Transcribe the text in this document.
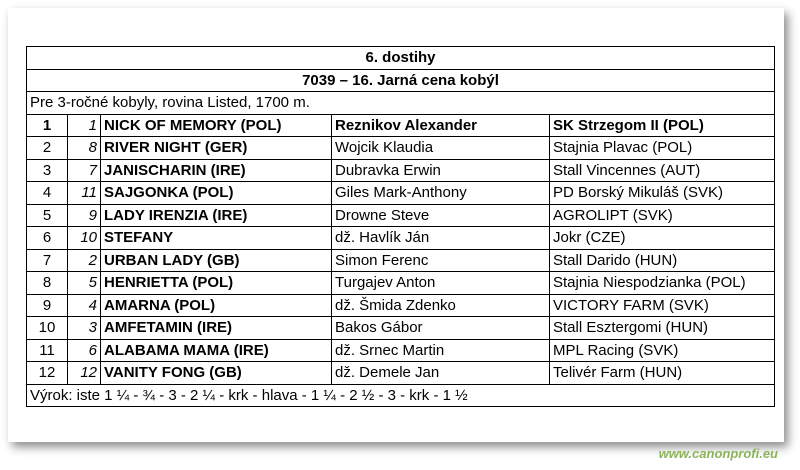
6. dostihy				
7039 – 16. Jarná cena kobýl				
Pre 3-ročné kobyly, rovina Listed, 1700 m.				
1	1	NICK OF MEMORY (POL)	Reznikov Alexander	SK Strzegom II (POL)
2	8	RIVER NIGHT (GER)	Wojcik Klaudia	Stajnia Plavac (POL)
3	7	JANISCHARIN (IRE)	Dubravka Erwin	Stall Vincennes (AUT)
4	11	SAJGONKA (POL)	Giles Mark-Anthony	PD Borský Mikuláš (SVK)
5	9	LADY IRENZIA (IRE)	Drowne Steve	AGROLIPT (SVK)
6	10	STEFANY	dž. Havlík Ján	Jokr (CZE)
7	2	URBAN LADY (GB)	Simon Ferenc	Stall Darido (HUN)
8	5	HENRIETTA (POL)	Turgajev Anton	Stajnia Niespodzianka (POL)
9	4	AMARNA (POL)	dž. Šmida Zdenko	VICTORY FARM (SVK)
10	3	AMFETAMIN (IRE)	Bakos Gábor	Stall Esztergomi (HUN)
11	6	ALABAMA MAMA (IRE)	dž. Srnec Martin	MPL Racing (SVK)
12	12	VANITY FONG (GB)	dž. Demele Jan	Telivér Farm (HUN)
Výrok: iste 1 ¼ - ¾ - 3 - 2 ¼ - krk - hlava - 1 ¼ - 2 ½ - 3 - krk - 1 ½				
www.canonprofi.eu
